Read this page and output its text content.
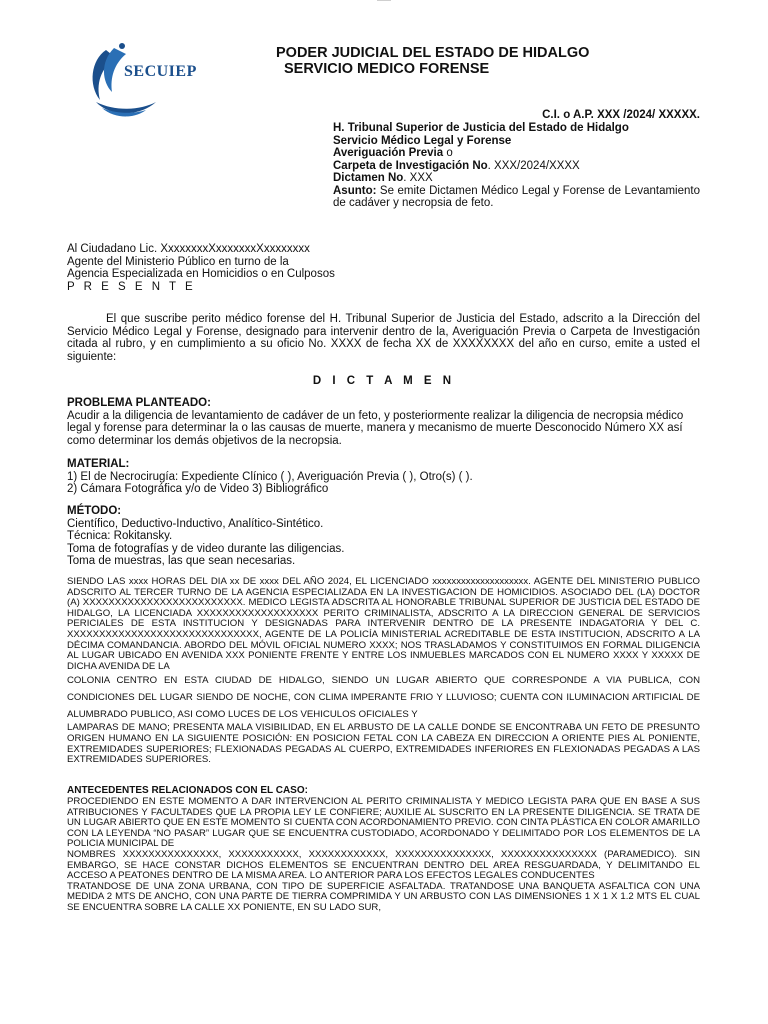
SECUIEP
PODER JUDICIAL DEL ESTADO DE HIDALGO
SERVICIO MEDICO FORENSE
C.I. o A.P. XXX /2024/ XXXXX.
H. Tribunal Superior de Justicia del Estado de Hidalgo
Servicio Médico Legal y Forense
Averiguación Previa o
Carpeta de Investigación No. XXX/2024/XXXX
Dictamen No. XXX
Asunto: Se emite Dictamen Médico Legal y Forense de Levantamiento de cadáver y necropsia de feto.
Al Ciudadano Lic. XxxxxxxxXxxxxxxxXxxxxxxxx
Agente del Ministerio Público en turno de la
Agencia Especializada en Homicidios o en Culposos
P R E S E N T E
El que suscribe perito médico forense del H. Tribunal Superior de Justicia del Estado, adscrito a la Dirección del Servicio Médico Legal y Forense, designado para intervenir dentro de la, Averiguación Previa o Carpeta de Investigación citada al rubro, y en cumplimiento a su oficio No. XXXX de fecha XX de XXXXXXXX del año en curso, emite a usted el siguiente:
D I C T A M E N
PROBLEMA PLANTEADO:
Acudir a la diligencia de levantamiento de cadáver de un feto, y posteriormente realizar la diligencia de necropsia médico legal y forense para determinar la o las causas de muerte, manera y mecanismo de muerte Desconocido Número XX así como determinar los demás objetivos de la necropsia.
MATERIAL:
1) El de Necrocirugía: Expediente Clínico ( ), Averiguación Previa ( ), Otro(s) ( ).
2) Cámara Fotográfica y/o de Video 3) Bibliográfico
MÉTODO:
Científico, Deductivo-Inductivo, Analítico-Sintético.
Técnica: Rokitansky.
Toma de fotografías y de video durante las diligencias.
Toma de muestras, las que sean necesarias.

SIENDO LAS xxxx HORAS DEL DIA xx DE xxxx DEL AÑO 2024, EL LICENCIADO xxxxxxxxxxxxxxxxxxxx. AGENTE DEL MINISTERIO PUBLICO ADSCRITO AL TERCER TURNO DE LA AGENCIA ESPECIALIZADA EN LA INVESTIGACION DE HOMICIDIOS. ASOCIADO DEL (LA) DOCTOR (A) XXXXXXXXXXXXXXXXXXXXXXXXX. MEDICO LEGISTA ADSCRITA AL HONORABLE TRIBUNAL SUPERIOR DE JUSTICIA DEL ESTADO DE HIDALGO, LA LICENCIADA XXXXXXXXXXXXXXXXXXX PERITO CRIMINALISTA, ADSCRITO A LA DIRECCION GENERAL DE SERVICIOS PERICIALES DE ESTA INSTITUCION Y DESIGNADAS PARA INTERVENIR DENTRO DE LA PRESENTE INDAGATORIA Y DEL C. XXXXXXXXXXXXXXXXXXXXXXXXXXXXXX, AGENTE DE LA POLICÍA MINISTERIAL ACREDITABLE DE ESTA INSTITUCION, ADSCRITO A LA DÉCIMA COMANDANCIA. ABORDO DEL MÓVIL OFICIAL NUMERO XXXX; NOS TRASLADAMOS Y CONSTITUIMOS EN FORMAL DILIGENCIA AL LUGAR UBICADO EN AVENIDA XXX PONIENTE FRENTE Y ENTRE LOS INMUEBLES MARCADOS CON EL NUMERO XXXX Y XXXXX DE DICHA AVENIDA DE LA

COLONIA CENTRO EN ESTA CIUDAD DE HIDALGO, SIENDO UN LUGAR ABIERTO QUE CORRESPONDE A VIA PUBLICA, CON CONDICIONES DEL LUGAR SIENDO DE NOCHE, CON CLIMA IMPERANTE FRIO Y LLUVIOSO; CUENTA CON ILUMINACION ARTIFICIAL DE ALUMBRADO PUBLICO, ASI COMO LUCES DE LOS VEHICULOS OFICIALES Y

LAMPARAS DE MANO; PRESENTA MALA VISIBILIDAD, EN EL ARBUSTO DE LA CALLE DONDE SE ENCONTRABA UN FETO DE PRESUNTO ORIGEN HUMANO EN LA SIGUIENTE POSICIÓN: EN POSICION FETAL CON LA CABEZA EN DIRECCION A ORIENTE PIES AL PONIENTE, EXTREMIDADES SUPERIORES; FLEXIONADAS PEGADAS AL CUERPO, EXTREMIDADES INFERIORES EN FLEXIONADAS PEGADAS A LAS EXTREMIDADES SUPERIORES.

ANTECEDENTES RELACIONADOS CON EL CASO:

PROCEDIENDO EN ESTE MOMENTO A DAR INTERVENCION AL PERITO CRIMINALISTA Y MEDICO LEGISTA PARA QUE EN BASE A SUS ATRIBUCIONES Y FACULTADES QUE LA PROPIA LEY LE CONFIERE; AUXILIE AL SUSCRITO EN LA PRESENTE DILIGENCIA. SE TRATA DE UN LUGAR ABIERTO QUE EN ESTE MOMENTO SI CUENTA CON ACORDONAMIENTO PREVIO. CON CINTA PLÁSTICA EN COLOR AMARILLO CON LA LEYENDA “NO PASAR” LUGAR QUE SE ENCUENTRA CUSTODIADO, ACORDONADO Y DELIMITADO POR LOS ELEMENTOS DE LA POLICIA MUNICIPAL DE

NOMBRES XXXXXXXXXXXXXXX, XXXXXXXXXXX, XXXXXXXXXXXX, XXXXXXXXXXXXXXX, XXXXXXXXXXXXXXX (PARAMEDICO). SIN EMBARGO, SE HACE CONSTAR DICHOS ELEMENTOS SE ENCUENTRAN DENTRO DEL AREA RESGUARDADA, Y DELIMITANDO EL ACCESO A PEATONES DENTRO DE LA MISMA AREA. LO ANTERIOR PARA LOS EFECTOS LEGALES CONDUCENTES

TRATANDOSE DE UNA ZONA URBANA, CON TIPO DE SUPERFICIE ASFALTADA. TRATANDOSE UNA BANQUETA ASFALTICA CON UNA MEDIDA 2 MTS DE ANCHO, CON UNA PARTE DE TIERRA COMPRIMIDA Y UN ARBUSTO CON LAS DIMENSIONES 1 X 1 X 1.2 MTS EL CUAL SE ENCUENTRA SOBRE LA CALLE XX PONIENTE, EN SU LADO SUR,
